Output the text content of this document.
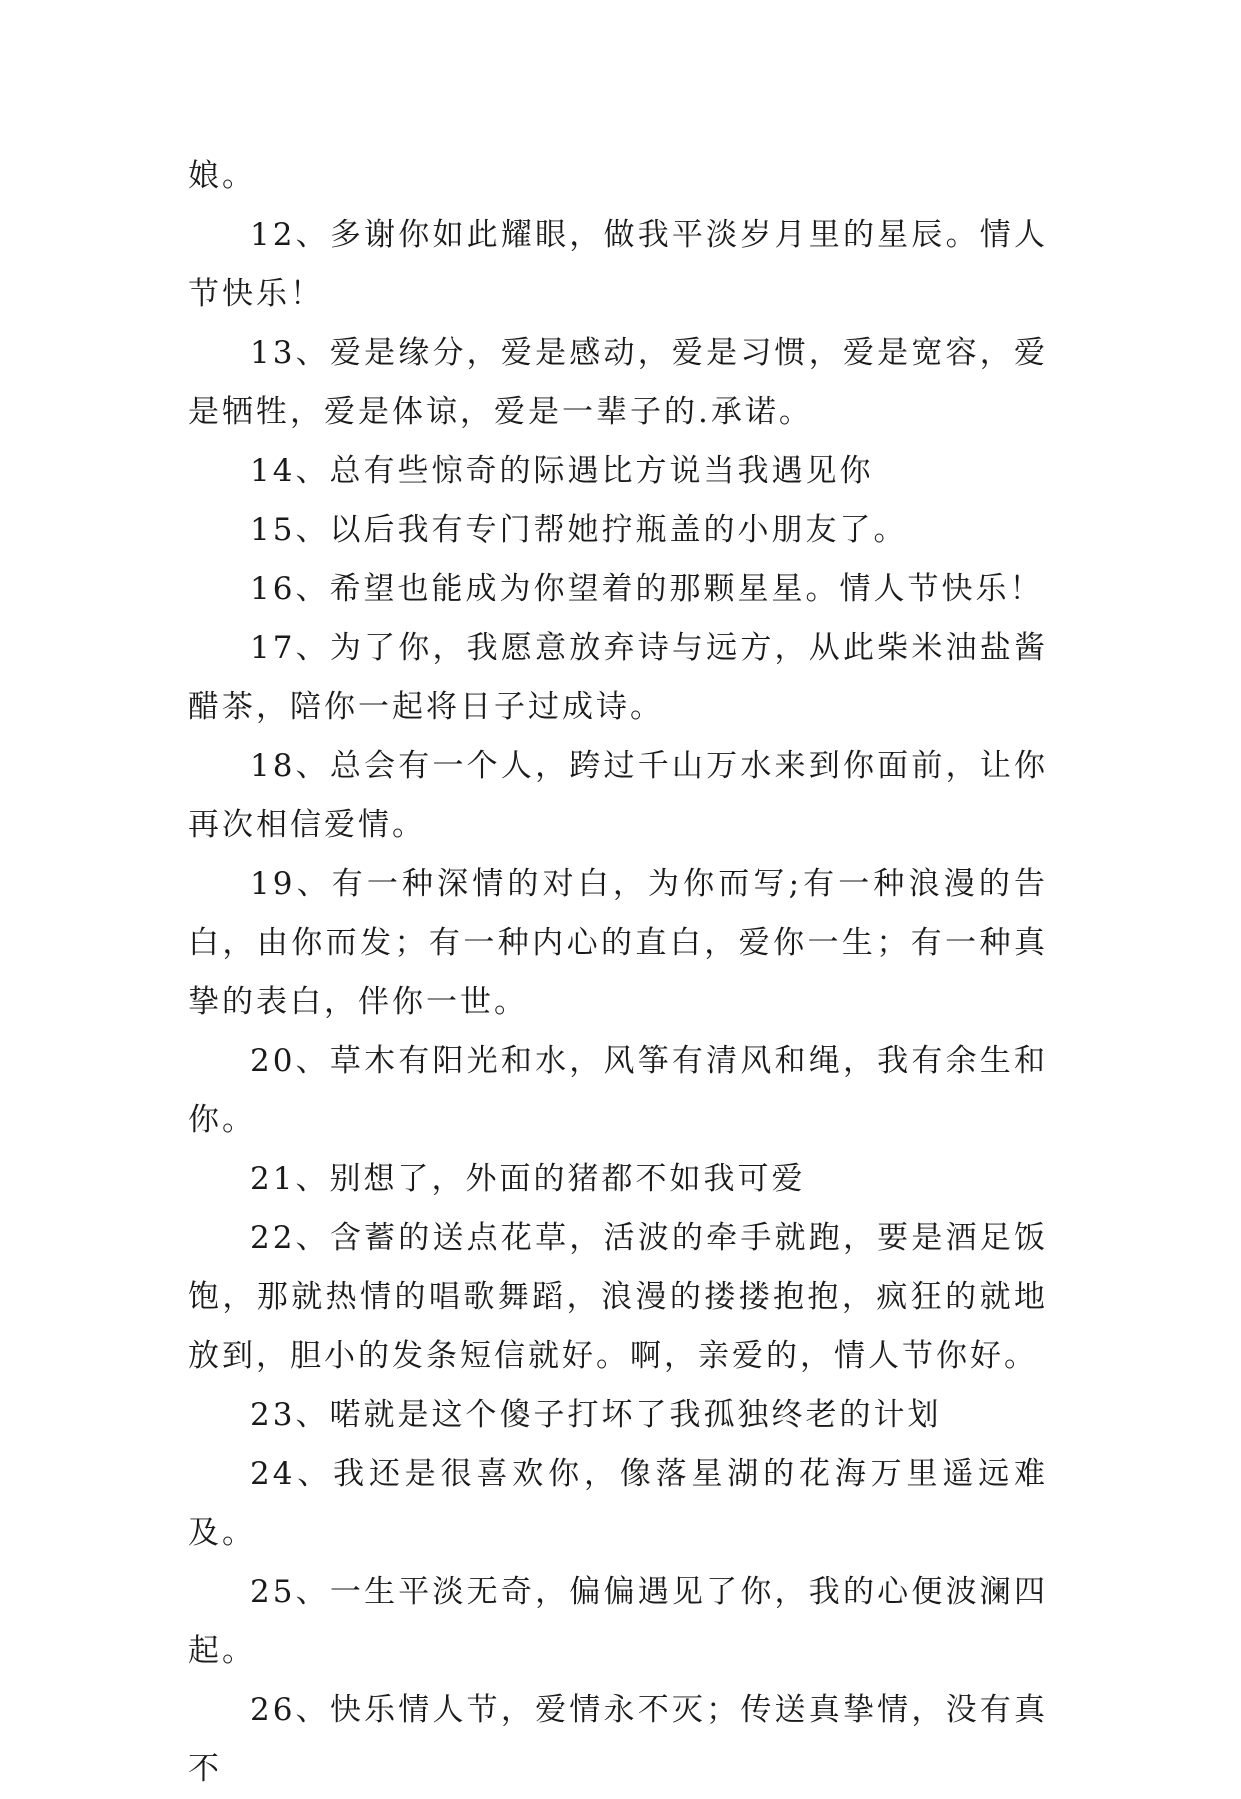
娘。

12、多谢你如此耀眼，做我平淡岁月里的星辰。情人节快乐！

13、爱是缘分，爱是感动，爱是习惯，爱是宽容，爱是牺牲，爱是体谅，爱是一辈子的.承诺。

14、总有些惊奇的际遇比方说当我遇见你

15、以后我有专门帮她拧瓶盖的小朋友了。

16、希望也能成为你望着的那颗星星。情人节快乐！

17、为了你，我愿意放弃诗与远方，从此柴米油盐酱醋茶，陪你一起将日子过成诗。

18、总会有一个人，跨过千山万水来到你面前，让你再次相信爱情。

19、有一种深情的对白，为你而写;有一种浪漫的告白，由你而发；有一种内心的直白，爱你一生；有一种真挚的表白，伴你一世。

20、草木有阳光和水，风筝有清风和绳，我有余生和你。

21、别想了，外面的猪都不如我可爱

22、含蓄的送点花草，活波的牵手就跑，要是酒足饭饱，那就热情的唱歌舞蹈，浪漫的搂搂抱抱，疯狂的就地放到，胆小的发条短信就好。啊，亲爱的，情人节你好。

23、喏就是这个傻子打坏了我孤独终老的计划

24、我还是很喜欢你，像落星湖的花海万里遥远难及。

25、一生平淡无奇，偏偏遇见了你，我的心便波澜四起。

26、快乐情人节，爱情永不灭；传送真挚情，没有真不
